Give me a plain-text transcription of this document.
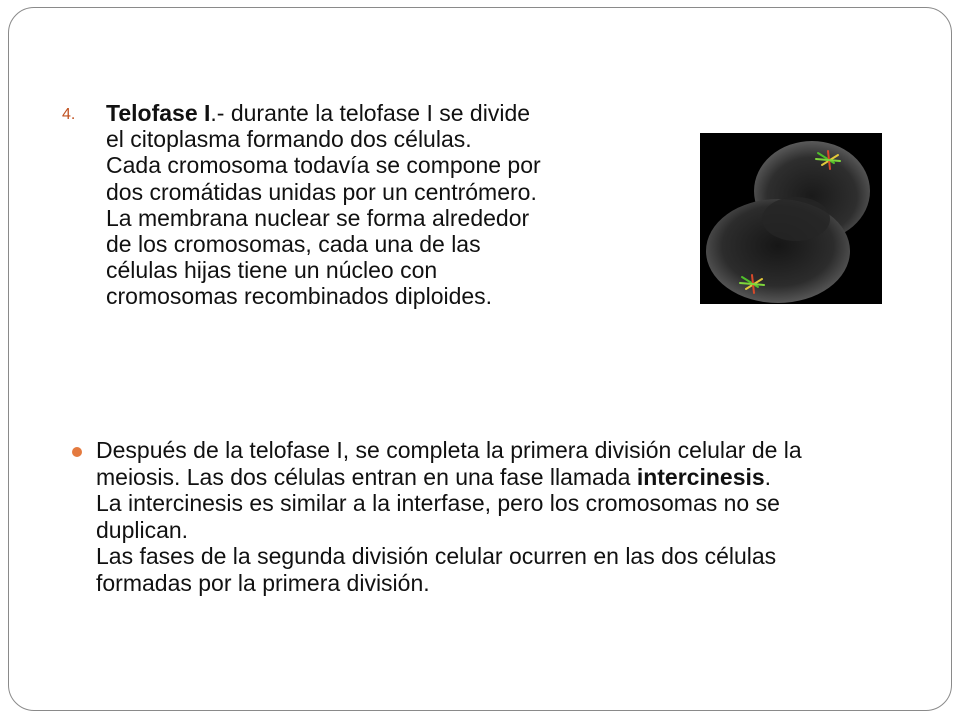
4. Telofase I.- durante la telofase I se divide
el citoplasma formando dos células.
Cada cromosoma todavía se compone por
dos cromátidas unidas por un centrómero.
La membrana nuclear se forma alrededor
de los cromosomas, cada una de las
células hijas tiene un núcleo con
cromosomas recombinados diploides.

Después de la telofase I, se completa la primera división celular de la
meiosis. Las dos células entran en una fase llamada intercinesis.
La intercinesis es similar a la interfase, pero los cromosomas no se
duplican.
Las fases de la segunda división celular ocurren en las dos células
formadas por la primera división.
